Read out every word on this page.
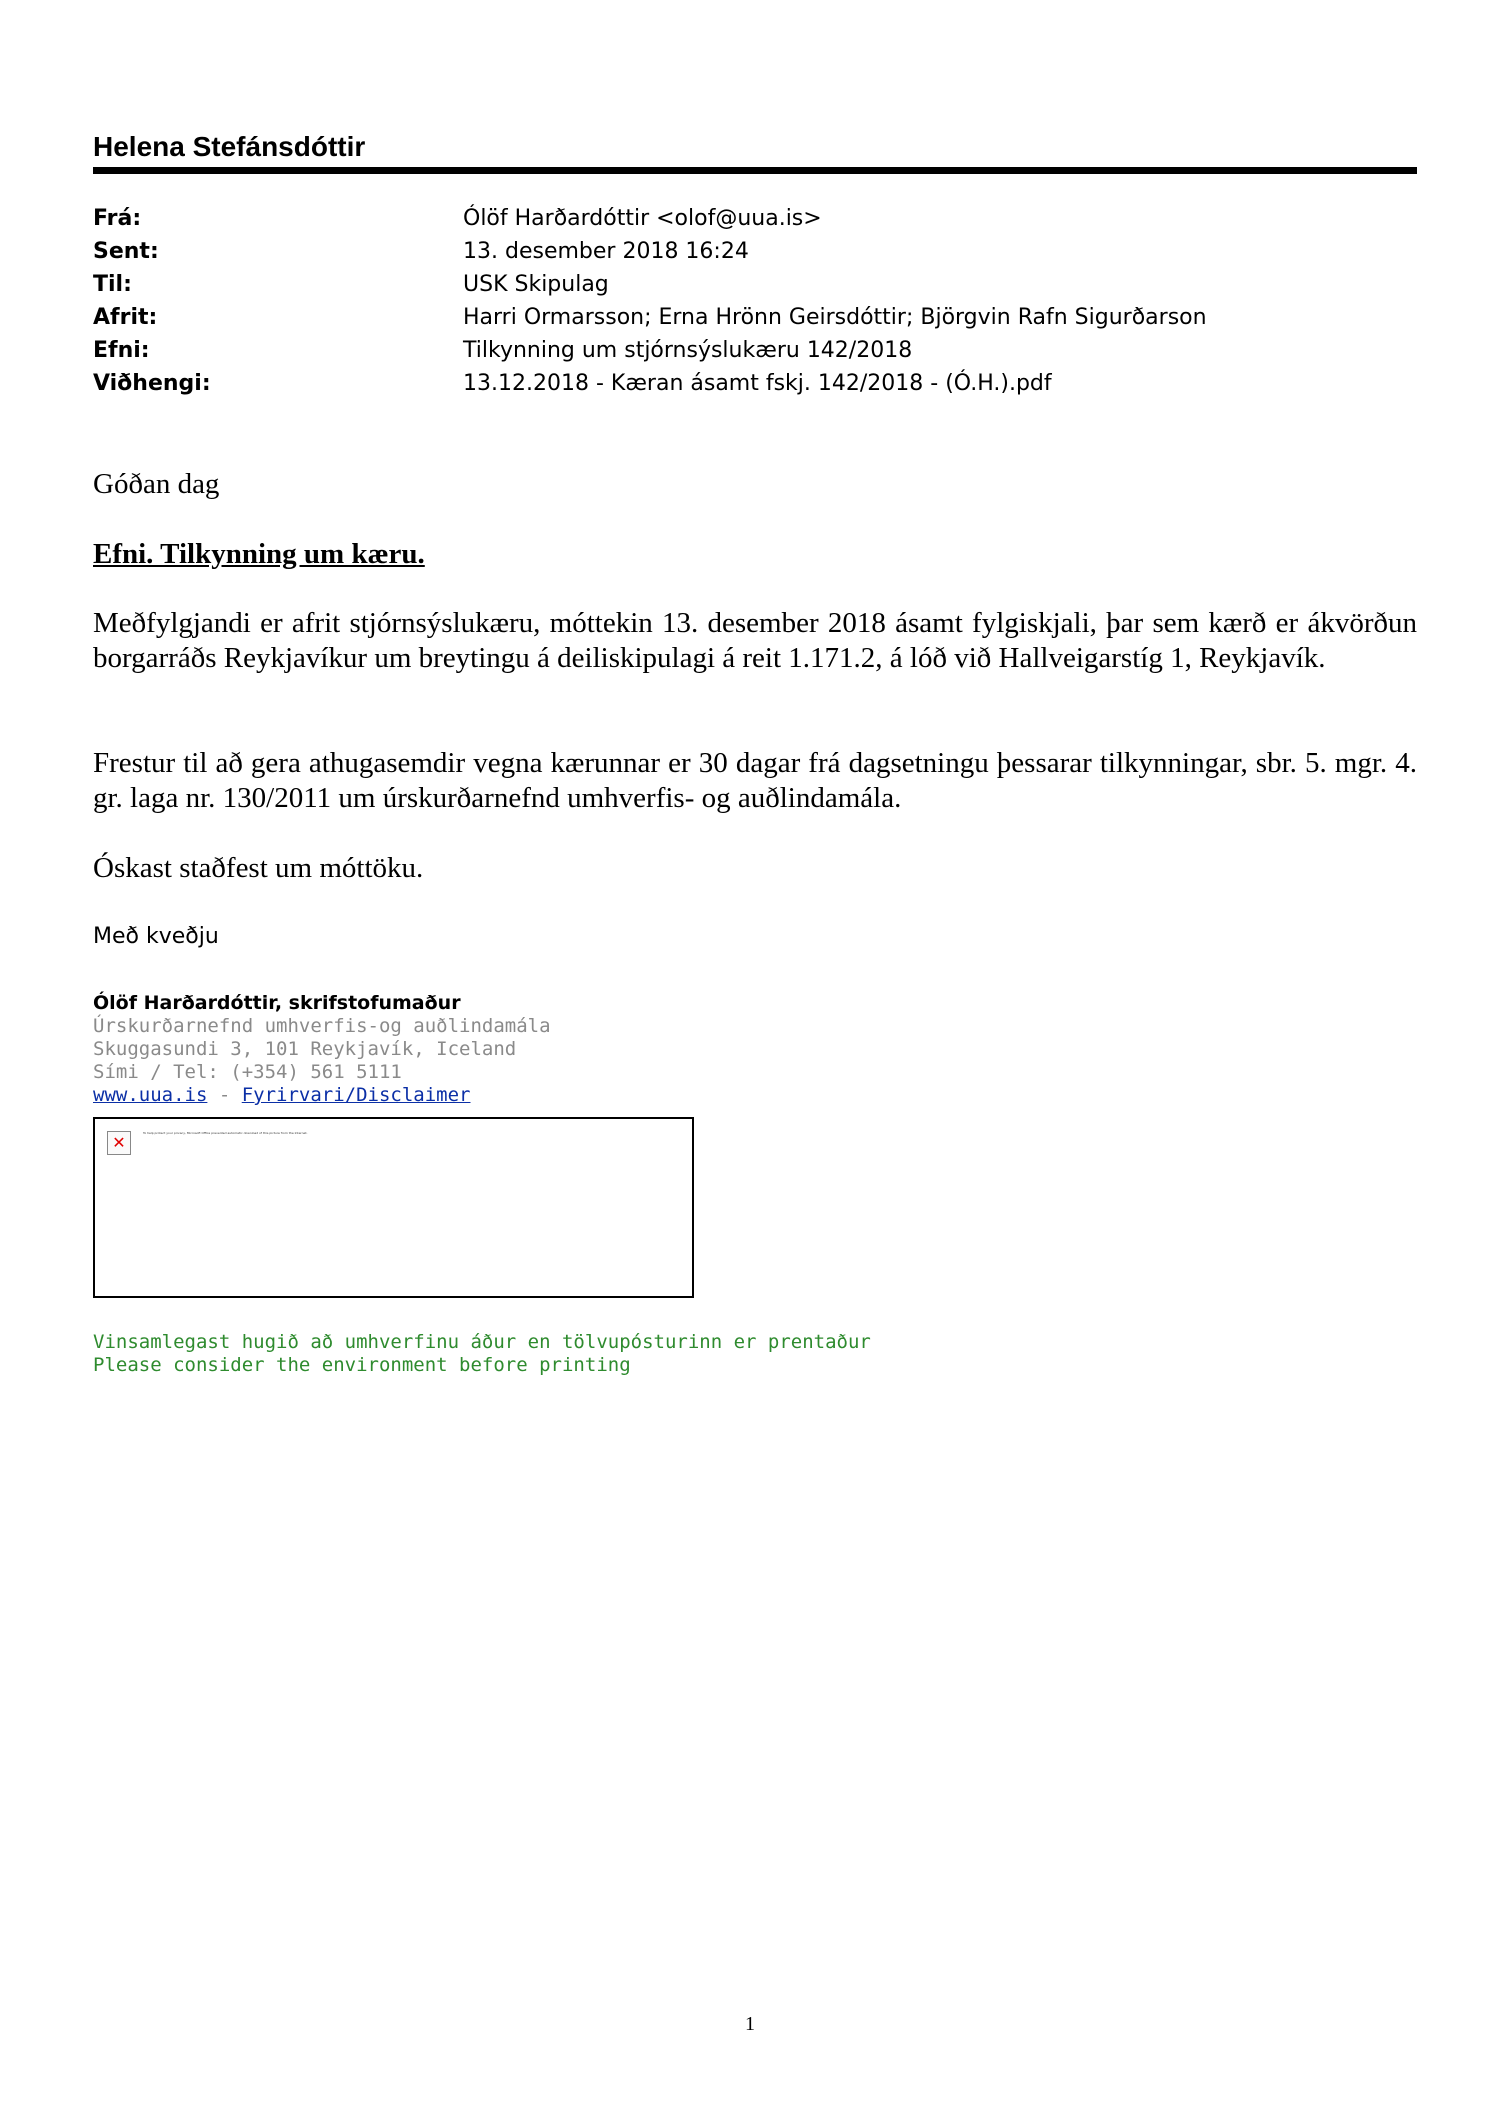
Helena Stefánsdóttir
Frá:	Ólöf Harðardóttir <olof@uua.is>
Sent:	13. desember 2018 16:24
Til:	USK Skipulag
Afrit:	Harri Ormarsson; Erna Hrönn Geirsdóttir; Björgvin Rafn Sigurðarson
Efni:	Tilkynning um stjórnsýslukæru 142/2018
Viðhengi:	13.12.2018 - Kæran ásamt fskj. 142/2018 - (Ó.H.).pdf
Góðan dag
Efni. Tilkynning um kæru.
Meðfylgjandi er afrit stjórnsýslukæru, móttekin 13. desember 2018 ásamt fylgiskjali, þar sem kærð er ákvörðun borgarráðs Reykjavíkur um breytingu á deiliskipulagi á reit 1.171.2, á lóð við Hallveigarstíg 1, Reykjavík.
Frestur til að gera athugasemdir vegna kærunnar er 30 dagar frá dagsetningu þessarar tilkynningar, sbr. 5. mgr. 4. gr. laga nr. 130/2011 um úrskurðarnefnd umhverfis- og auðlindamála.
Óskast staðfest um móttöku.
Með kveðju
Ólöf Harðardóttir, skrifstofumaður
Úrskurðarnefnd umhverfis-og auðlindamála
Skuggasundi 3, 101 Reykjavík, Iceland
Sími / Tel: (+354) 561 5111
www.uua.is - Fyrirvari/Disclaimer
✕	To help protect your privacy, Microsoft Office prevented automatic download of this picture from the Internet.
Vinsamlegast hugið að umhverfinu áður en tölvupósturinn er prentaður
Please consider the environment before printing
1
